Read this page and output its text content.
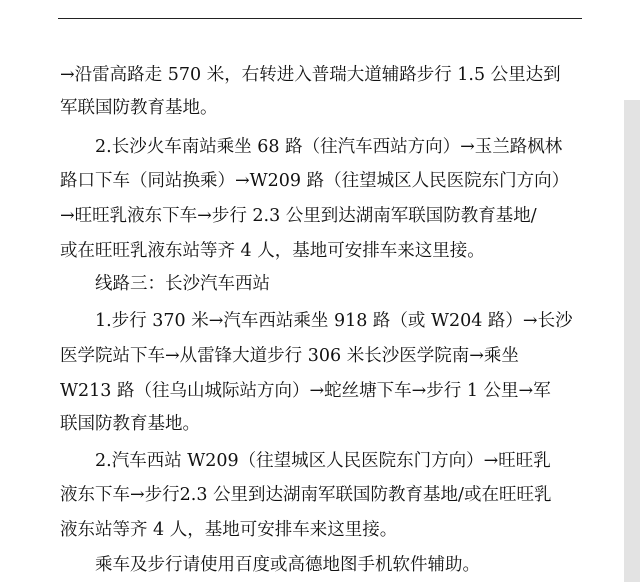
→沿雷高路走 570 米，右转进入普瑞大道辅路步行 1.5 公里达到
军联国防教育基地。
2.长沙火车南站乘坐 68 路（往汽车西站方向）→玉兰路枫林
路口下车（同站换乘）→W209 路（往望城区人民医院东门方向）
→旺旺乳液东下车→步行 2.3 公里到达湖南军联国防教育基地/
或在旺旺乳液东站等齐 4 人，基地可安排车来这里接。
线路三：长沙汽车西站
1.步行 370 米→汽车西站乘坐 918 路（或 W204 路）→长沙
医学院站下车→从雷锋大道步行 306 米长沙医学院南→乘坐
W213 路（往乌山城际站方向）→蛇丝塘下车→步行 1 公里→军
联国防教育基地。
2.汽车西站 W209（往望城区人民医院东门方向）→旺旺乳
液东下车→步行2.3 公里到达湖南军联国防教育基地/或在旺旺乳
液东站等齐 4 人，基地可安排车来这里接。
乘车及步行请使用百度或高德地图手机软件辅助。
